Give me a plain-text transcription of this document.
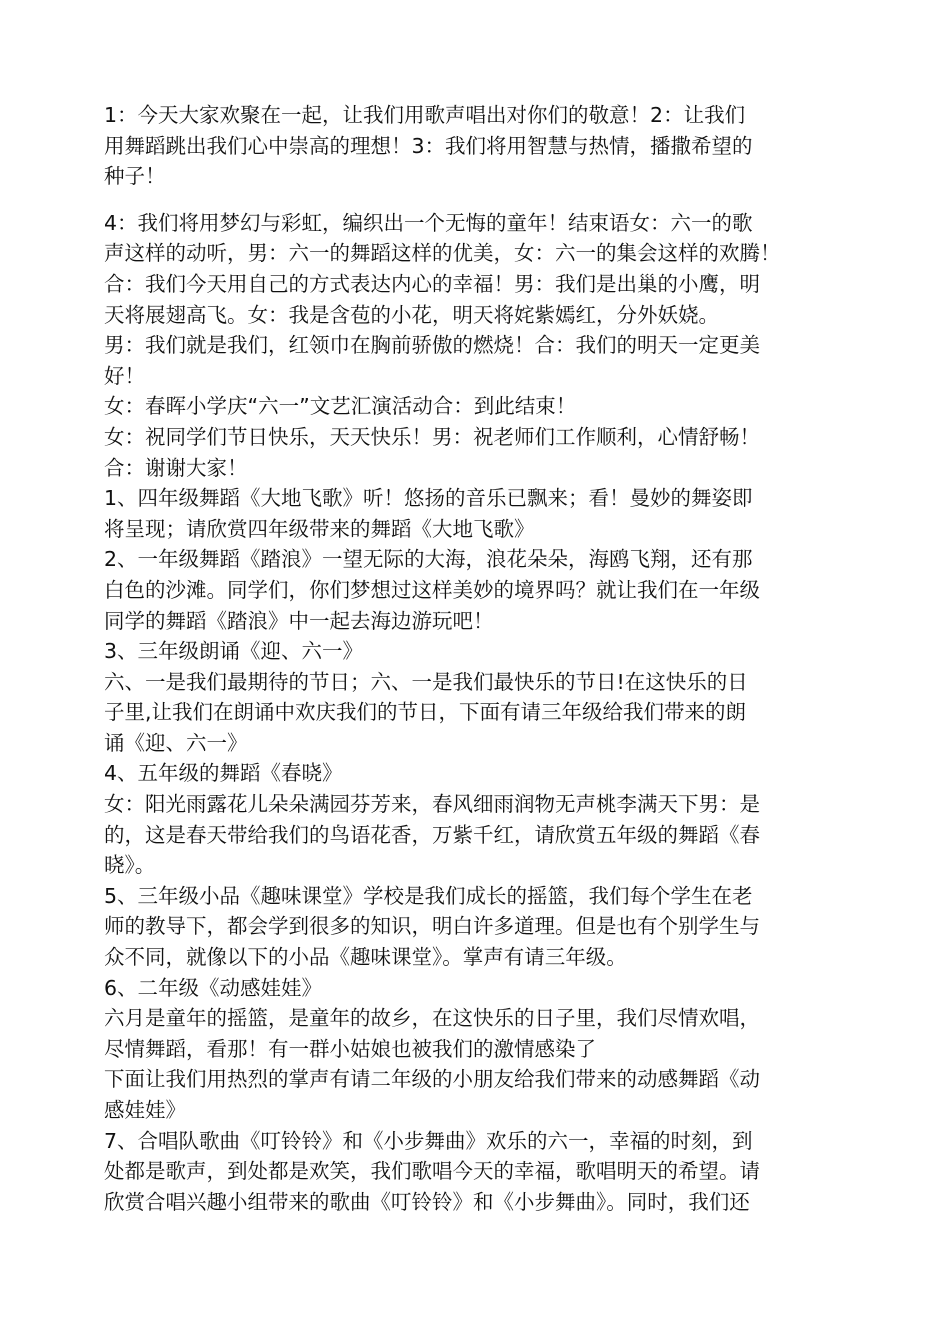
1：今天大家欢聚在一起，让我们用歌声唱出对你们的敬意！2：让我们
用舞蹈跳出我们心中崇高的理想！3：我们将用智慧与热情，播撒希望的
种子！
4：我们将用梦幻与彩虹，编织出一个无悔的童年！结束语女：六一的歌
声这样的动听，男：六一的舞蹈这样的优美，女：六一的集会这样的欢腾！
合：我们今天用自己的方式表达内心的幸福！男：我们是出巢的小鹰，明
天将展翅高飞。女：我是含苞的小花，明天将姹紫嫣红，分外妖娆。
男：我们就是我们，红领巾在胸前骄傲的燃烧！合：我们的明天一定更美
好！
女：春晖小学庆“六一”文艺汇演活动合：到此结束！
女：祝同学们节日快乐，天天快乐！男：祝老师们工作顺利，心情舒畅！
合：谢谢大家！
1、四年级舞蹈《大地飞歌》听！悠扬的音乐已飘来；看！曼妙的舞姿即
将呈现；请欣赏四年级带来的舞蹈《大地飞歌》
2、一年级舞蹈《踏浪》一望无际的大海，浪花朵朵，海鸥飞翔，还有那
白色的沙滩。同学们，你们梦想过这样美妙的境界吗？就让我们在一年级
同学的舞蹈《踏浪》中一起去海边游玩吧！
3、三年级朗诵《迎、六一》
六、一是我们最期待的节日；六、一是我们最快乐的节日!在这快乐的日
子里,让我们在朗诵中欢庆我们的节日，下面有请三年级给我们带来的朗
诵《迎、六一》
4、五年级的舞蹈《春晓》
女：阳光雨露花儿朵朵满园芬芳来，春风细雨润物无声桃李满天下男：是
的，这是春天带给我们的鸟语花香，万紫千红，请欣赏五年级的舞蹈《春
晓》。
5、三年级小品《趣味课堂》学校是我们成长的摇篮，我们每个学生在老
师的教导下，都会学到很多的知识，明白许多道理。但是也有个别学生与
众不同，就像以下的小品《趣味课堂》。掌声有请三年级。
6、二年级《动感娃娃》
六月是童年的摇篮，是童年的故乡，在这快乐的日子里，我们尽情欢唱，
尽情舞蹈，看那！有一群小姑娘也被我们的激情感染了
下面让我们用热烈的掌声有请二年级的小朋友给我们带来的动感舞蹈《动
感娃娃》
7、合唱队歌曲《叮铃铃》和《小步舞曲》欢乐的六一，幸福的时刻，到
处都是歌声，到处都是欢笑，我们歌唱今天的幸福，歌唱明天的希望。请
欣赏合唱兴趣小组带来的歌曲《叮铃铃》和《小步舞曲》。同时，我们还
